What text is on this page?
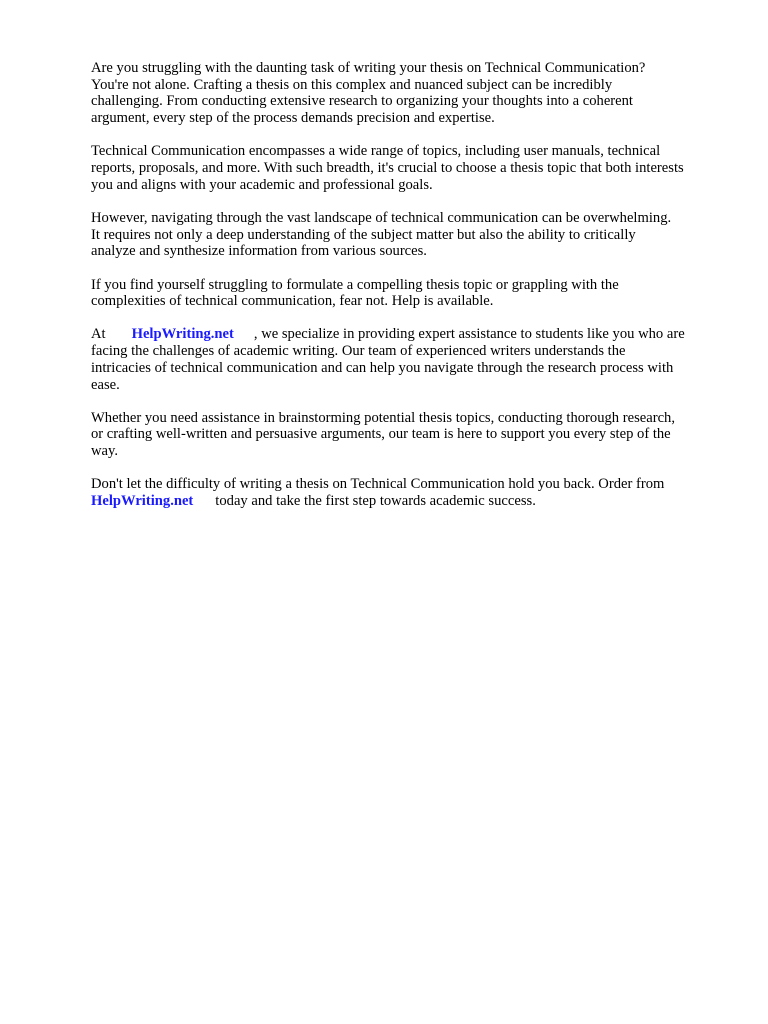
Are you struggling with the daunting task of writing your thesis on Technical Communication?
You're not alone. Crafting a thesis on this complex and nuanced subject can be incredibly
challenging. From conducting extensive research to organizing your thoughts into a coherent
argument, every step of the process demands precision and expertise.

Technical Communication encompasses a wide range of topics, including user manuals, technical
reports, proposals, and more. With such breadth, it's crucial to choose a thesis topic that both interests
you and aligns with your academic and professional goals.

However, navigating through the vast landscape of technical communication can be overwhelming.
It requires not only a deep understanding of the subject matter but also the ability to critically
analyze and synthesize information from various sources.

If you find yourself struggling to formulate a compelling thesis topic or grappling with the
complexities of technical communication, fear not. Help is available.

At HelpWriting.net , we specialize in providing expert assistance to students like you who are
facing the challenges of academic writing. Our team of experienced writers understands the
intricacies of technical communication and can help you navigate through the research process with
ease.

Whether you need assistance in brainstorming potential thesis topics, conducting thorough research,
or crafting well-written and persuasive arguments, our team is here to support you every step of the
way.

Don't let the difficulty of writing a thesis on Technical Communication hold you back. Order from
HelpWriting.net today and take the first step towards academic success.
